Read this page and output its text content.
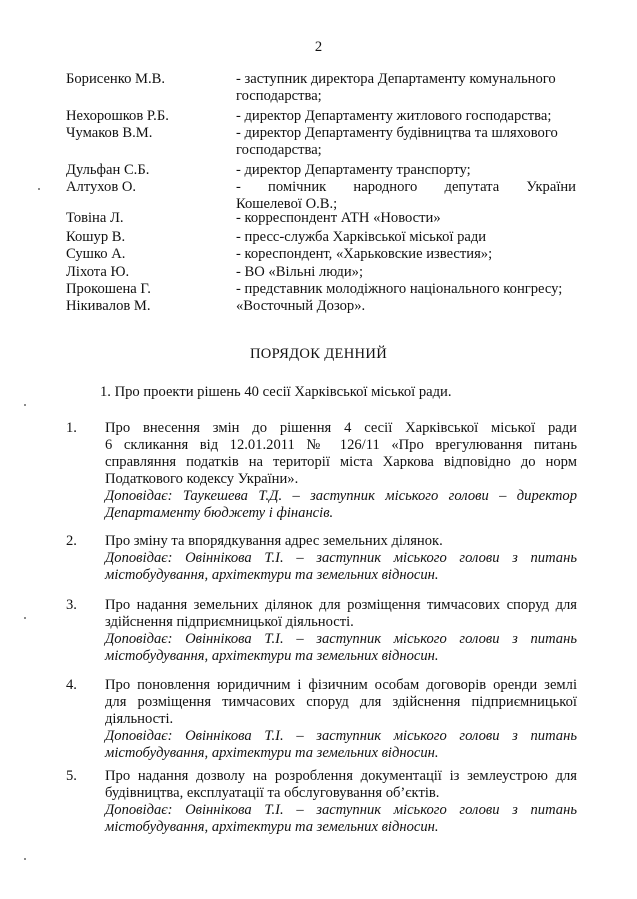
2
Борисенко М.В.	- заступник директора Департаменту комунального
господарства;
Нехорошков Р.Б.	- директор Департаменту житлового господарства;
Чумаков В.М.	- директор Департаменту будівництва та шляхового
господарства;
Дульфан С.Б.	- директор Департаменту транспорту;
Алтухов О.	- помічник народного депутата України
Кошелевої О.В.;
Товіна Л.	- корреспондент АТН «Новости»
Кошур В.	- пресс-служба Харківської міської ради
Сушко А.	- кореспондент, «Харьковские известия»;
Ліхота Ю.	- ВО «Вільні люди»;
Прокошена Г.	- представник молодіжного національного конгресу;
Нікивалов М.	«Восточный Дозор».
ПОРЯДОК ДЕННИЙ
1. Про проекти рішень 40 сесії Харківської міської ради.
1. Про внесення змін до рішення 4 сесії Харківської міської ради
6 скликання від 12.01.2011 № 126/11 «Про врегулювання питань
справляння податків на території міста Харкова відповідно до норм
Податкового кодексу України».
Доповідає: Таукешева Т.Д. – заступник міського голови – директор
Департаменту бюджету і фінансів.
2. Про зміну та впорядкування адрес земельних ділянок.
Доповідає: Овіннікова Т.І. – заступник міського голови з питань
містобудування, архітектури та земельних відносин.
3. Про надання земельних ділянок для розміщення тимчасових споруд для
здійснення підприємницької діяльності.
Доповідає: Овіннікова Т.І. – заступник міського голови з питань
містобудування, архітектури та земельних відносин.
4. Про поновлення юридичним і фізичним особам договорів оренди землі
для розміщення тимчасових споруд для здійснення підприємницької
діяльності.
Доповідає: Овіннікова Т.І. – заступник міського голови з питань
містобудування, архітектури та земельних відносин.
5. Про надання дозволу на розроблення документації із землеустрою для
будівництва, експлуатації та обслуговування об’єктів.
Доповідає: Овіннікова Т.І. – заступник міського голови з питань
містобудування, архітектури та земельних відносин.
